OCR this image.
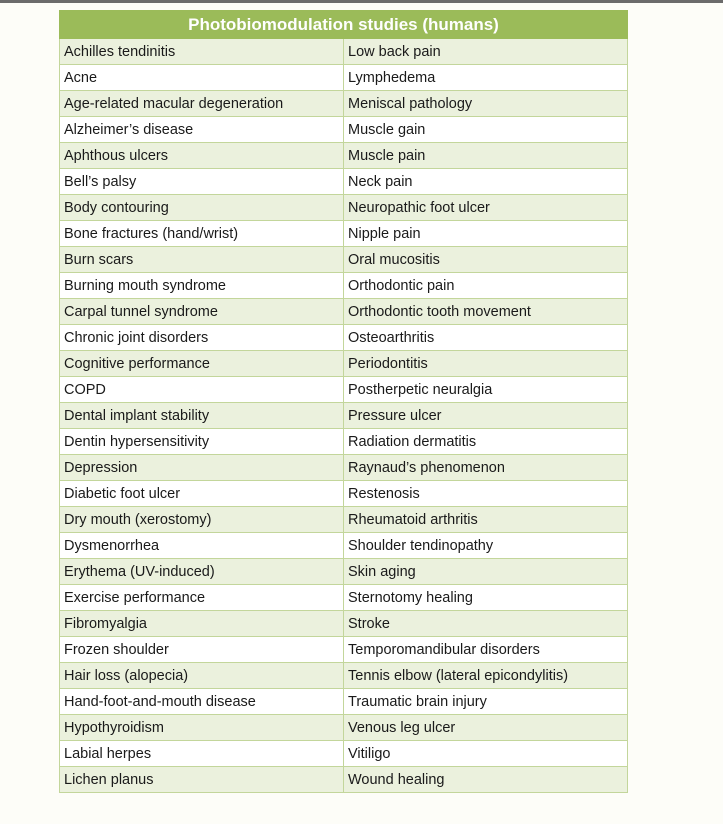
Photobiomodulation studies (humans)	
Achilles tendinitis	Low back pain
Acne	Lymphedema
Age-related macular degeneration	Meniscal pathology
Alzheimer’s disease	Muscle gain
Aphthous ulcers	Muscle pain
Bell’s palsy	Neck pain
Body contouring	Neuropathic foot ulcer
Bone fractures (hand/wrist)	Nipple pain
Burn scars	Oral mucositis
Burning mouth syndrome	Orthodontic pain
Carpal tunnel syndrome	Orthodontic tooth movement
Chronic joint disorders	Osteoarthritis
Cognitive performance	Periodontitis
COPD	Postherpetic neuralgia
Dental implant stability	Pressure ulcer
Dentin hypersensitivity	Radiation dermatitis
Depression	Raynaud’s phenomenon
Diabetic foot ulcer	Restenosis
Dry mouth (xerostomy)	Rheumatoid arthritis
Dysmenorrhea	Shoulder tendinopathy
Erythema (UV-induced)	Skin aging
Exercise performance	Sternotomy healing
Fibromyalgia	Stroke
Frozen shoulder	Temporomandibular disorders
Hair loss (alopecia)	Tennis elbow (lateral epicondylitis)
Hand-foot-and-mouth disease	Traumatic brain injury
Hypothyroidism	Venous leg ulcer
Labial herpes	Vitiligo
Lichen planus	Wound healing
